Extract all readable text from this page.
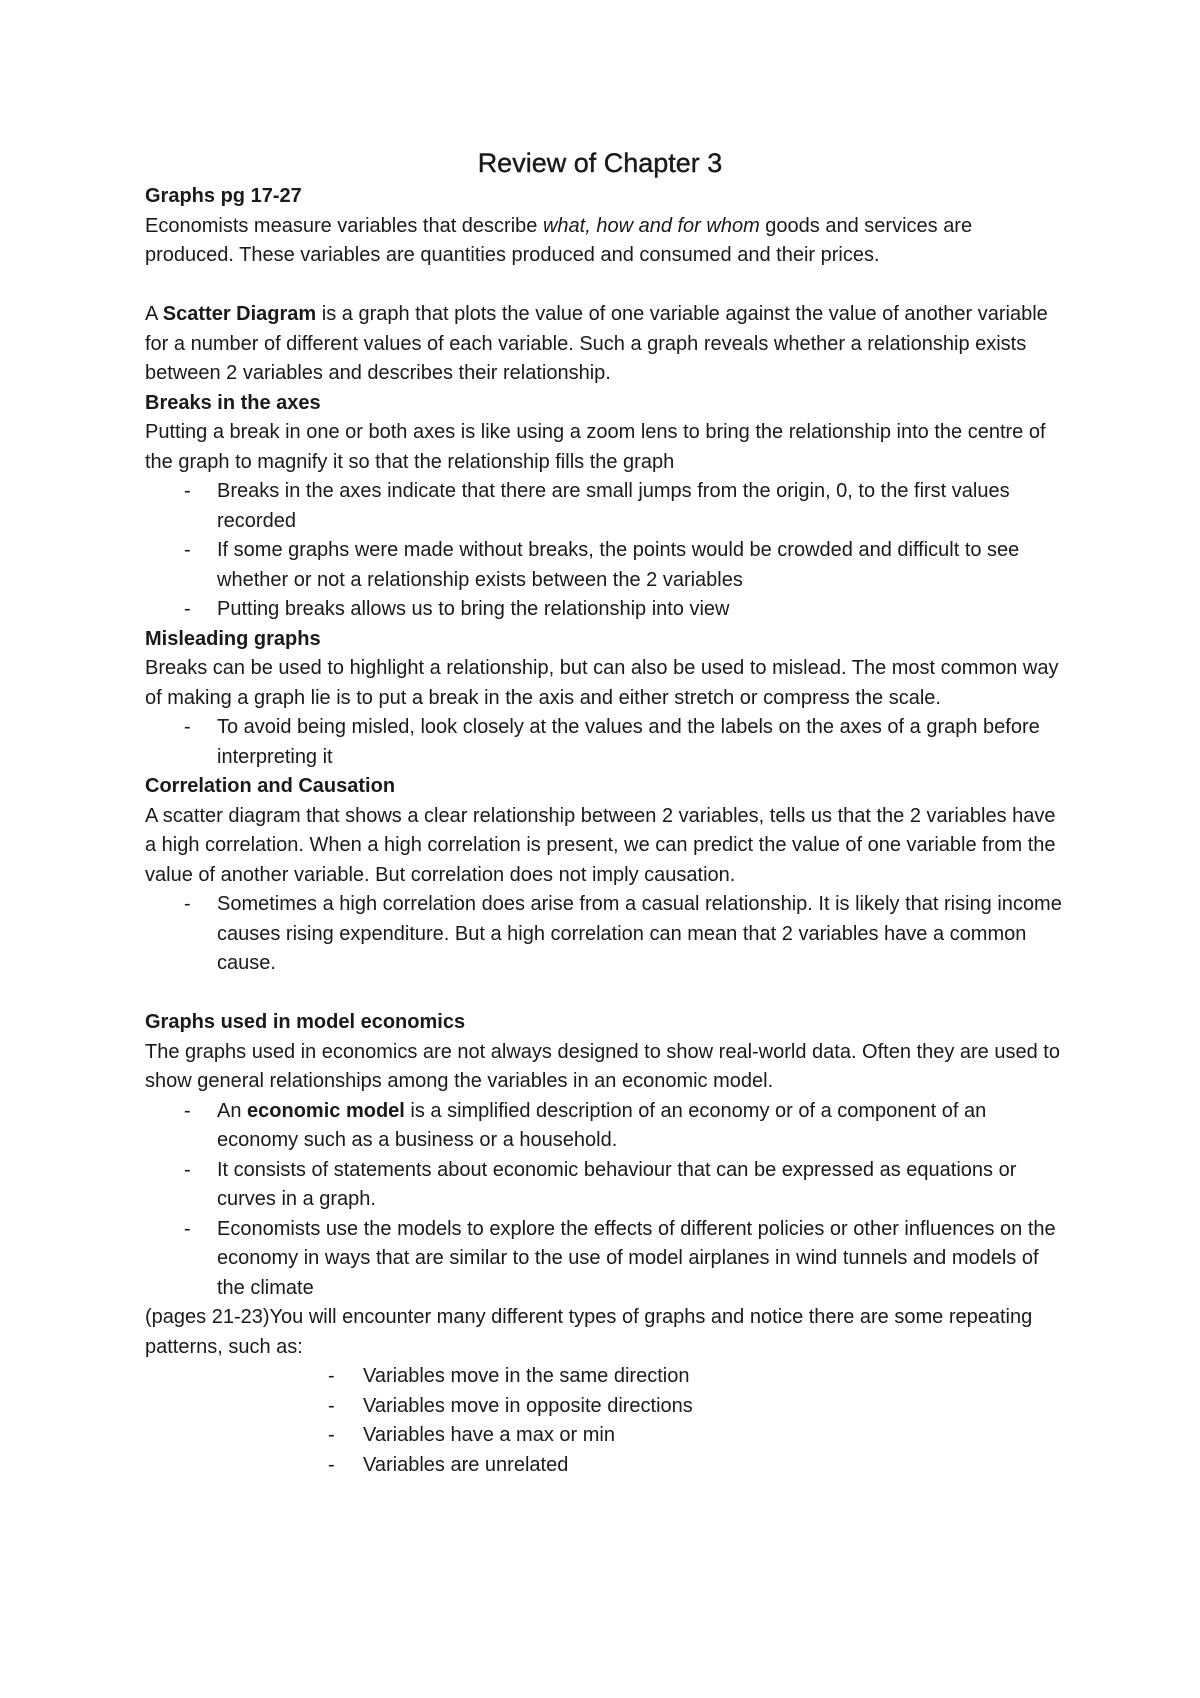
Review of Chapter 3

Graphs pg 17-27

Economists measure variables that describe what, how and for whom goods and services are produced. These variables are quantities produced and consumed and their prices.

A Scatter Diagram is a graph that plots the value of one variable against the value of another variable for a number of different values of each variable. Such a graph reveals whether a relationship exists between 2 variables and describes their relationship.

Breaks in the axes

Putting a break in one or both axes is like using a zoom lens to bring the relationship into the centre of the graph to magnify it so that the relationship fills the graph

- Breaks in the axes indicate that there are small jumps from the origin, 0, to the first values recorded
- If some graphs were made without breaks, the points would be crowded and difficult to see whether or not a relationship exists between the 2 variables
- Putting breaks allows us to bring the relationship into view

Misleading graphs

Breaks can be used to highlight a relationship, but can also be used to mislead. The most common way of making a graph lie is to put a break in the axis and either stretch or compress the scale.

- To avoid being misled, look closely at the values and the labels on the axes of a graph before interpreting it

Correlation and Causation

A scatter diagram that shows a clear relationship between 2 variables, tells us that the 2 variables have a high correlation. When a high correlation is present, we can predict the value of one variable from the value of another variable. But correlation does not imply causation.

- Sometimes a high correlation does arise from a casual relationship. It is likely that rising income causes rising expenditure. But a high correlation can mean that 2 variables have a common cause.

Graphs used in model economics

The graphs used in economics are not always designed to show real-world data. Often they are used to show general relationships among the variables in an economic model.

- An economic model is a simplified description of an economy or of a component of an economy such as a business or a household.
- It consists of statements about economic behaviour that can be expressed as equations or curves in a graph.
- Economists use the models to explore the effects of different policies or other influences on the economy in ways that are similar to the use of model airplanes in wind tunnels and models of the climate

(pages 21-23)You will encounter many different types of graphs and notice there are some repeating patterns, such as:

- Variables move in the same direction
- Variables move in opposite directions
- Variables have a max or min
- Variables are unrelated
